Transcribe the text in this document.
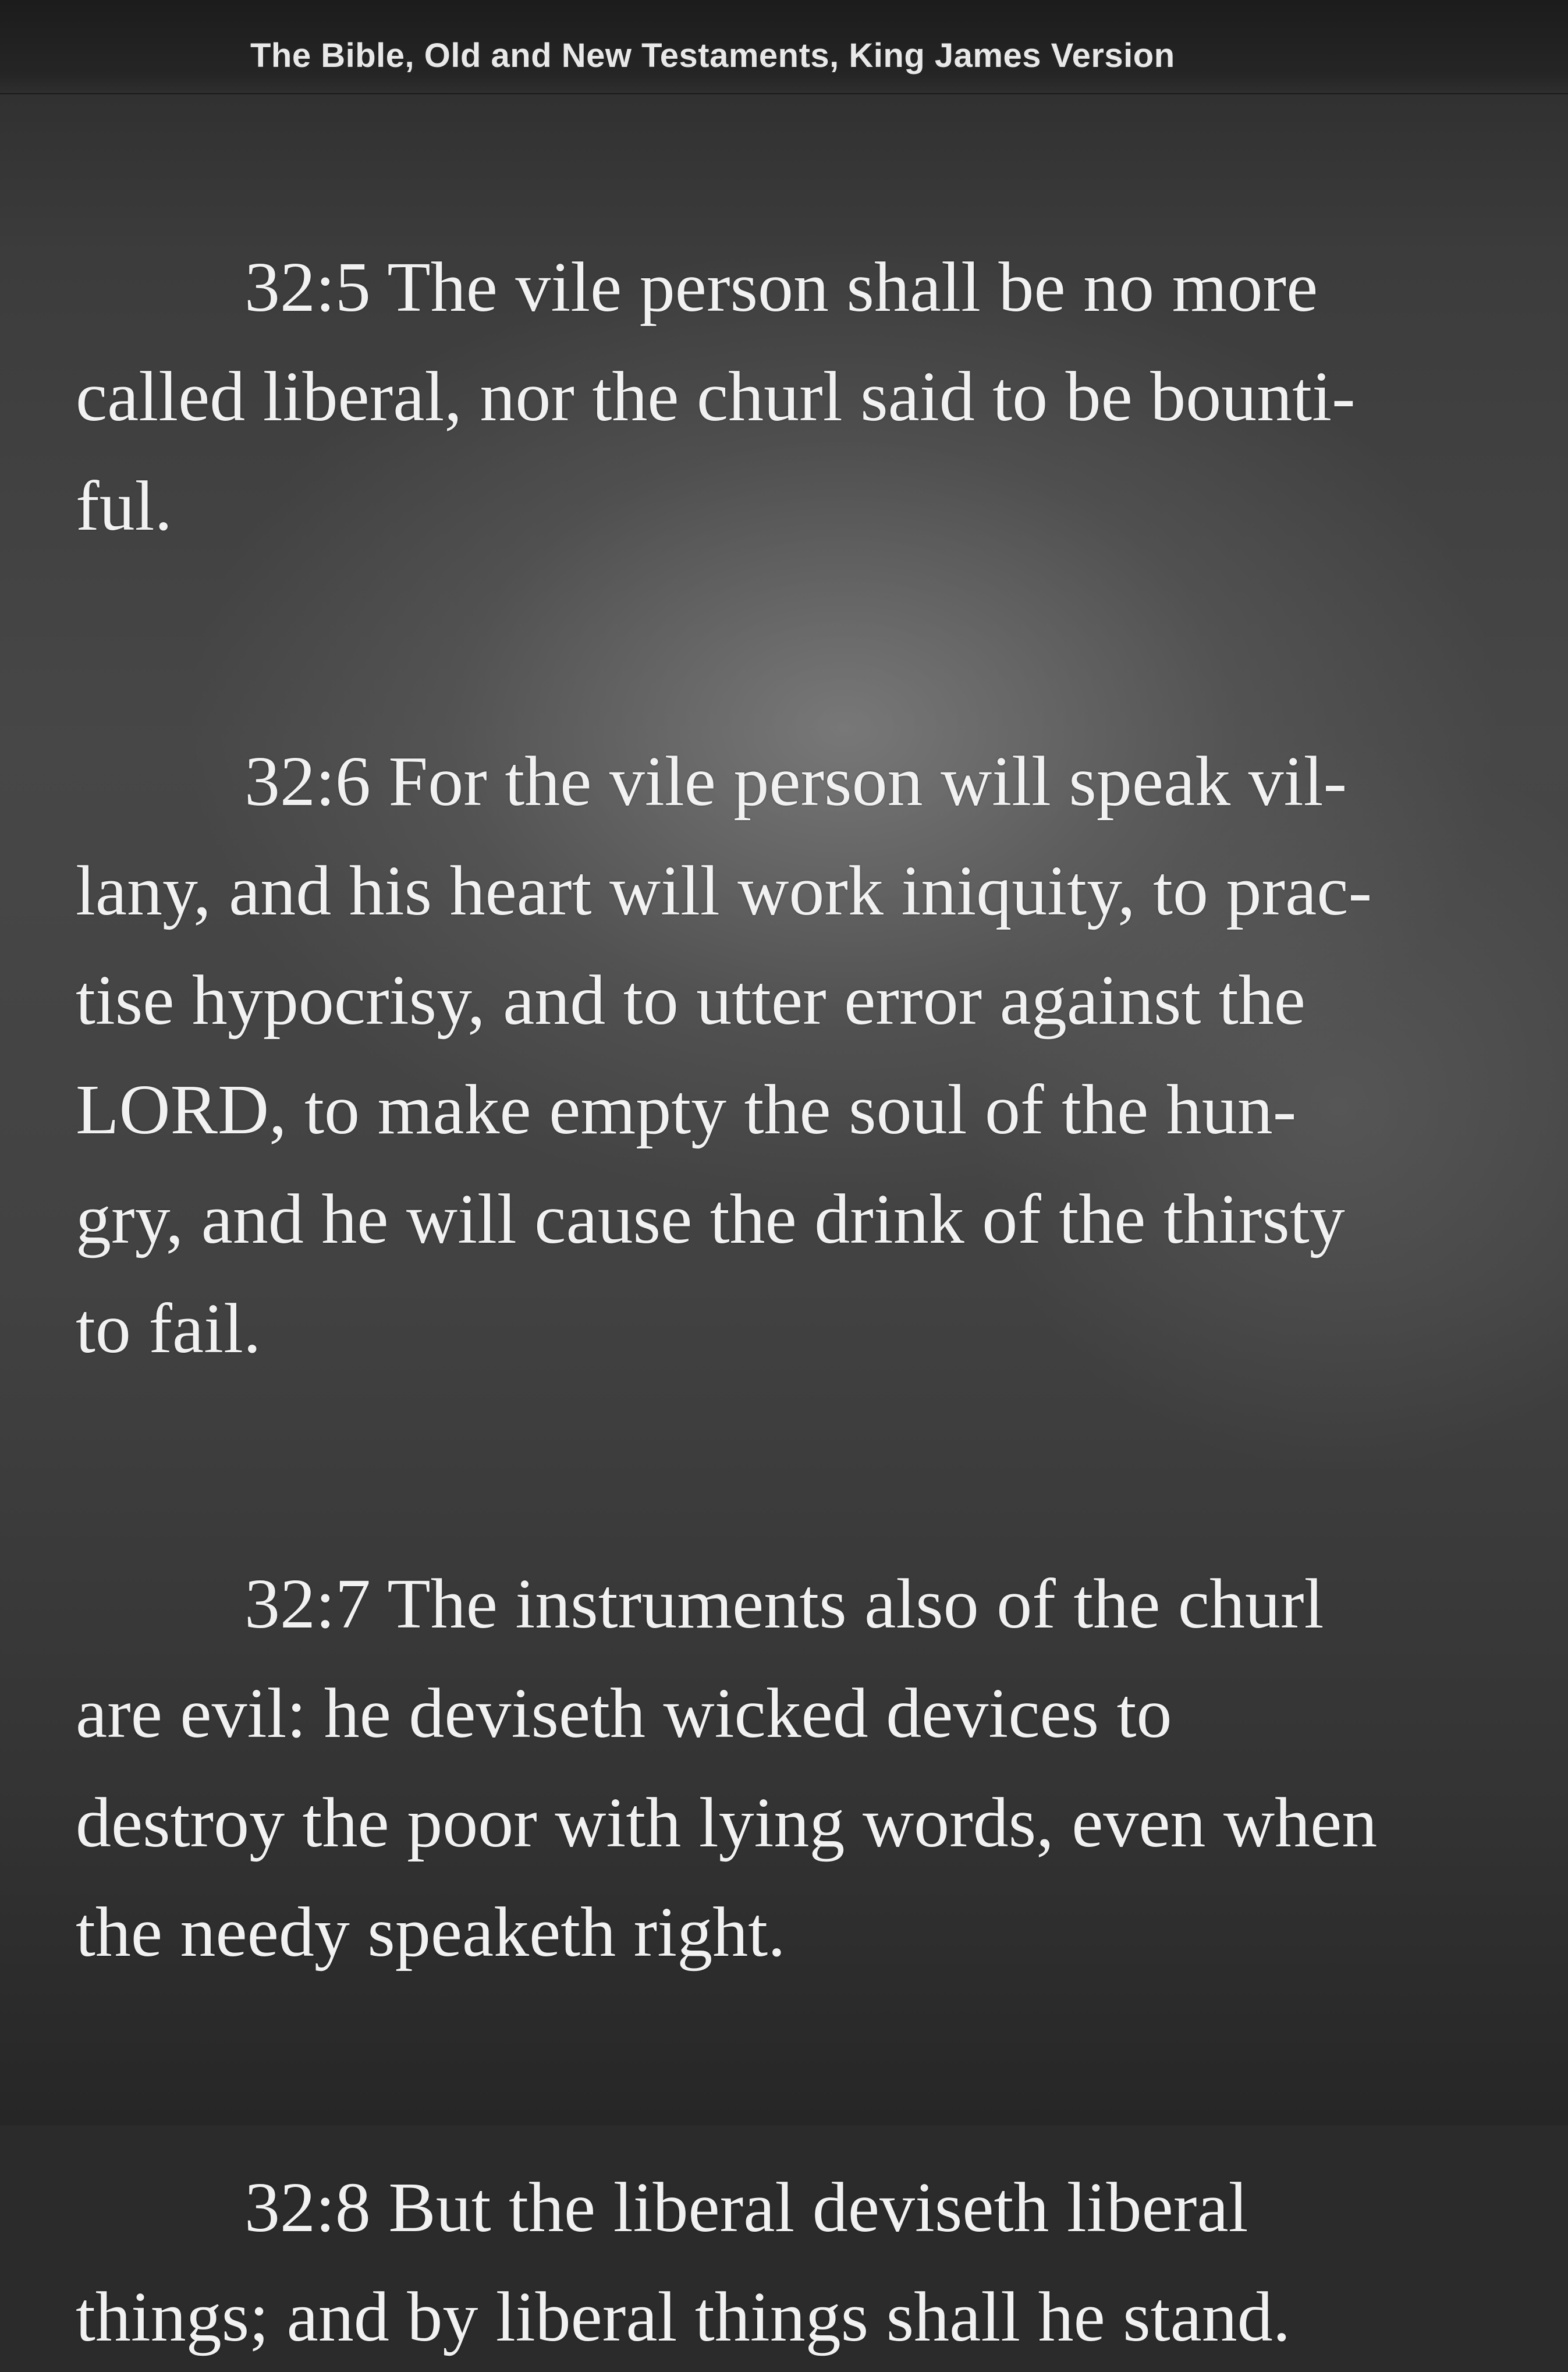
The Bible, Old and New Testaments, King James Version

32:5 The vile person shall be no more
called liberal, nor the churl said to be bounti-
ful.

32:6 For the vile person will speak vil-
lany, and his heart will work iniquity, to prac-
tise hypocrisy, and to utter error against the
LORD, to make empty the soul of the hun-
gry, and he will cause the drink of the thirsty
to fail.

32:7 The instruments also of the churl
are evil: he deviseth wicked devices to
destroy the poor with lying words, even when
the needy speaketh right.

32:8 But the liberal deviseth liberal
things; and by liberal things shall he stand.
